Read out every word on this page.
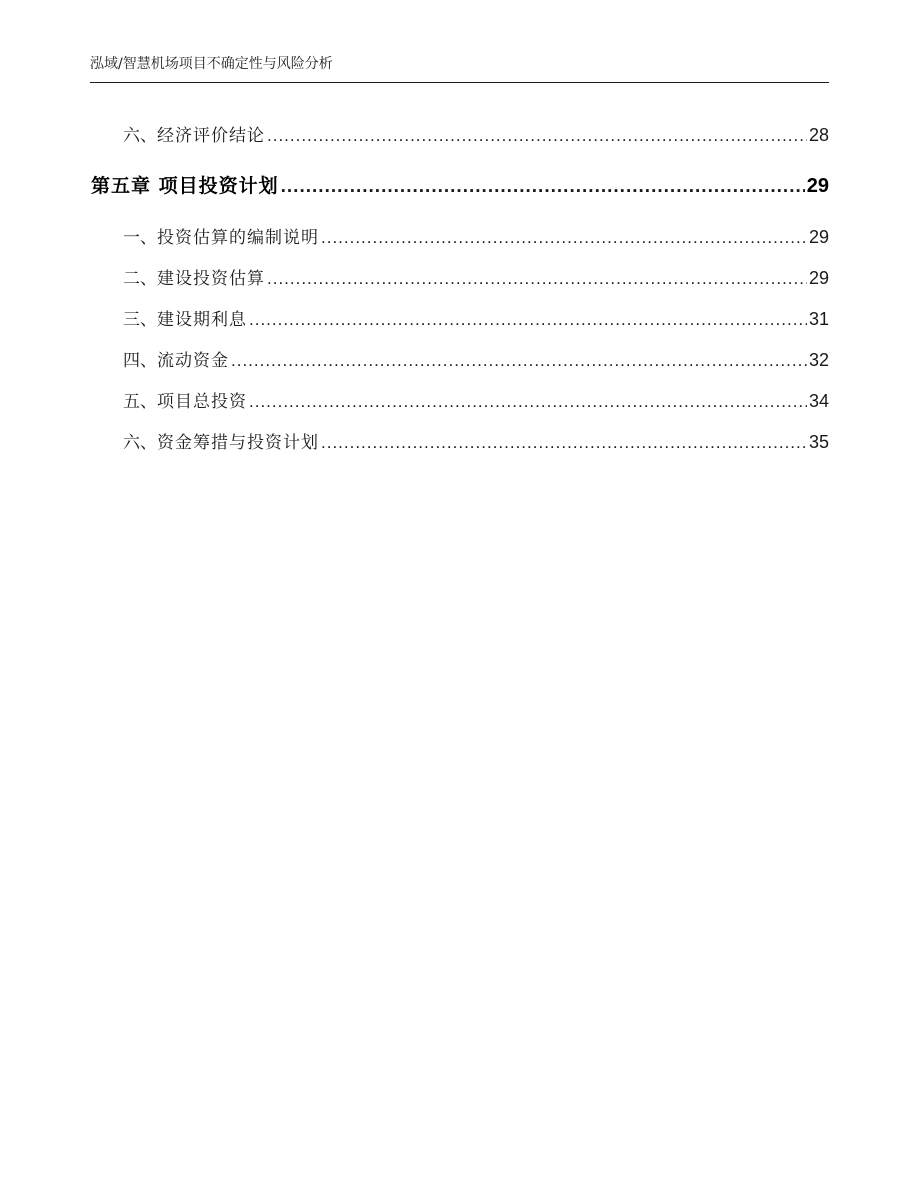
泓域/智慧机场项目不确定性与风险分析
六、 经济评价结论 .....	28
第五章 项目投资计划 .....	29
一、 投资估算的编制说明 .....	29
二、 建设投资估算 .....	29
三、 建设期利息 .....	31
四、 流动资金 .....	32
五、 项目总投资 .....	34
六、 资金筹措与投资计划 .....	35
